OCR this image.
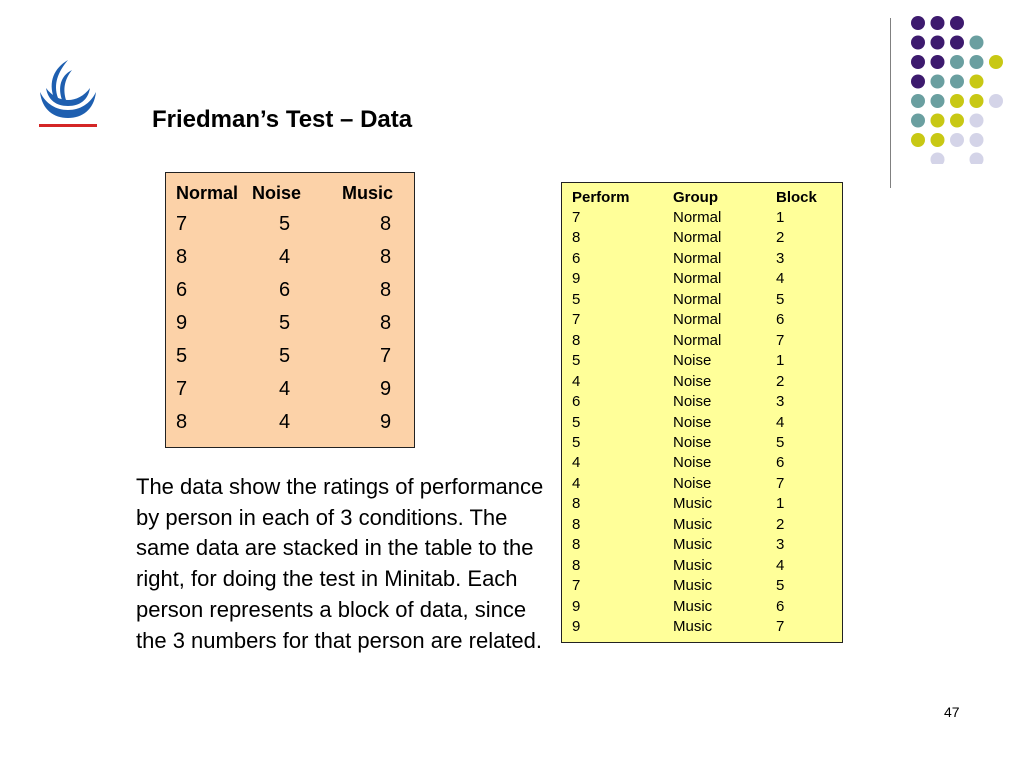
Friedman’s Test – Data
Normal Noise Music
7	5	8
8	4	8
6	6	8
9	5	8
5	5	7
7	4	9
8	4	9
Perform	Group	Block
7	Normal	1
8	Normal	2
6	Normal	3
9	Normal	4
5	Normal	5
7	Normal	6
8	Normal	7
5	Noise	1
4	Noise	2
6	Noise	3
5	Noise	4
5	Noise	5
4	Noise	6
4	Noise	7
8	Music	1
8	Music	2
8	Music	3
8	Music	4
7	Music	5
9	Music	6
9	Music	7
The data show the ratings of performance by person in each of 3 conditions. The same data are stacked in the table to the right, for doing the test in Minitab. Each person represents a block of data, since the 3 numbers for that person are related.
47
